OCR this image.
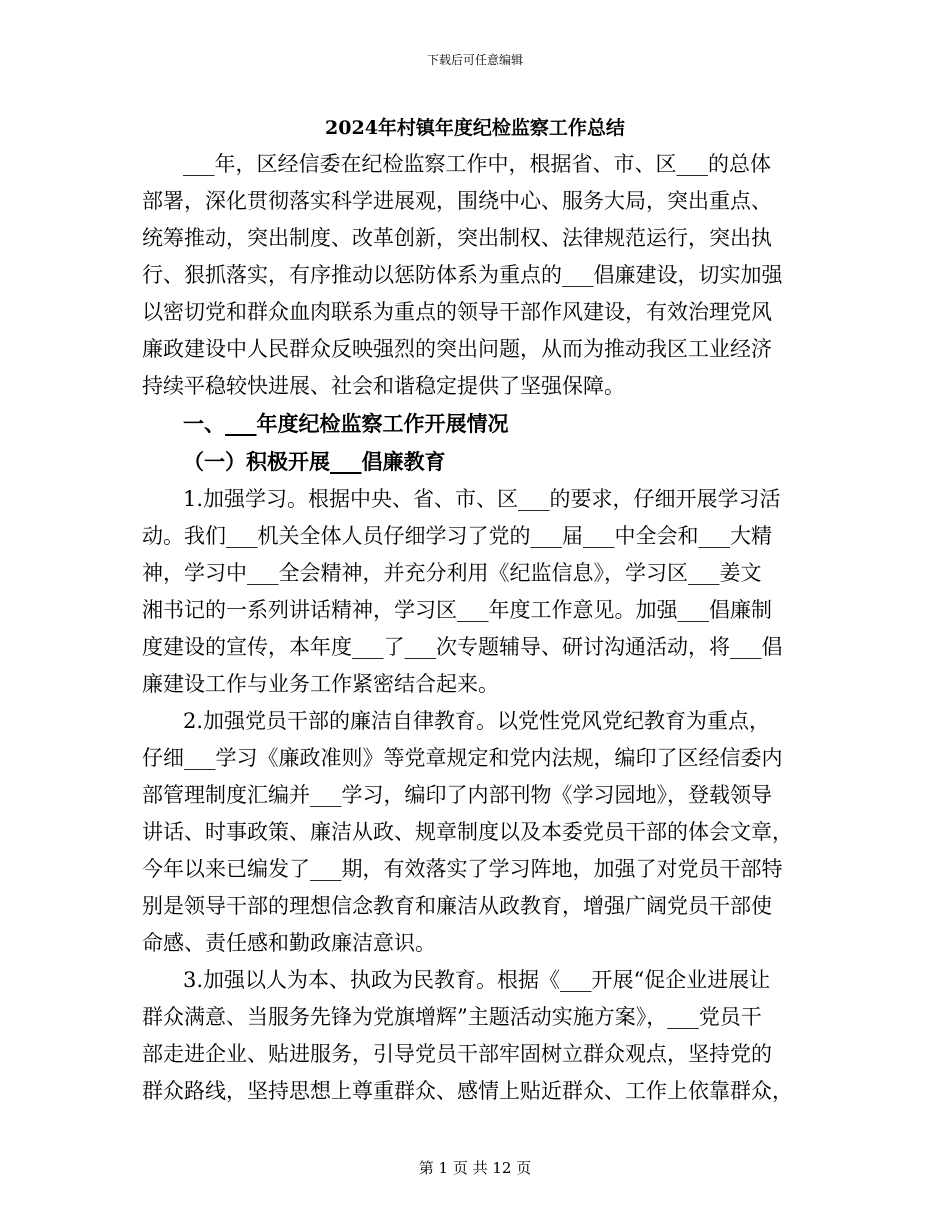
下载后可任意编辑
2024年村镇年度纪检监察工作总结
___年，区经信委在纪检监察工作中，根据省、市、区___的总体
部署，深化贯彻落实科学进展观，围绕中心、服务大局，突出重点、
统筹推动，突出制度、改革创新，突出制权、法律规范运行，突出执
行、狠抓落实，有序推动以惩防体系为重点的___倡廉建设，切实加强
以密切党和群众血肉联系为重点的领导干部作风建设，有效治理党风
廉政建设中人民群众反映强烈的突出问题，从而为推动我区工业经济
持续平稳较快进展、社会和谐稳定提供了坚强保障。
一、___年度纪检监察工作开展情况
（一）积极开展___倡廉教育
1.加强学习。根据中央、省、市、区___的要求，仔细开展学习活
动。我们___机关全体人员仔细学习了党的___届___中全会和___大精
神，学习中___全会精神，并充分利用《纪监信息》，学习区___姜文
湘书记的一系列讲话精神，学习区___年度工作意见。加强___倡廉制
度建设的宣传，本年度___了___次专题辅导、研讨沟通活动，将___倡
廉建设工作与业务工作紧密结合起来。
2.加强党员干部的廉洁自律教育。以党性党风党纪教育为重点，
仔细___学习《廉政准则》等党章规定和党内法规，编印了区经信委内
部管理制度汇编并___学习，编印了内部刊物《学习园地》，登载领导
讲话、时事政策、廉洁从政、规章制度以及本委党员干部的体会文章，
今年以来已编发了___期，有效落实了学习阵地，加强了对党员干部特
别是领导干部的理想信念教育和廉洁从政教育，增强广阔党员干部使
命感、责任感和勤政廉洁意识。
3.加强以人为本、执政为民教育。根据《___开展“促企业进展让
群众满意、当服务先锋为党旗增辉”主题活动实施方案》，___党员干
部走进企业、贴进服务，引导党员干部牢固树立群众观点，坚持党的
群众路线，坚持思想上尊重群众、感情上贴近群众、工作上依靠群众，
第 1 页 共 12 页
